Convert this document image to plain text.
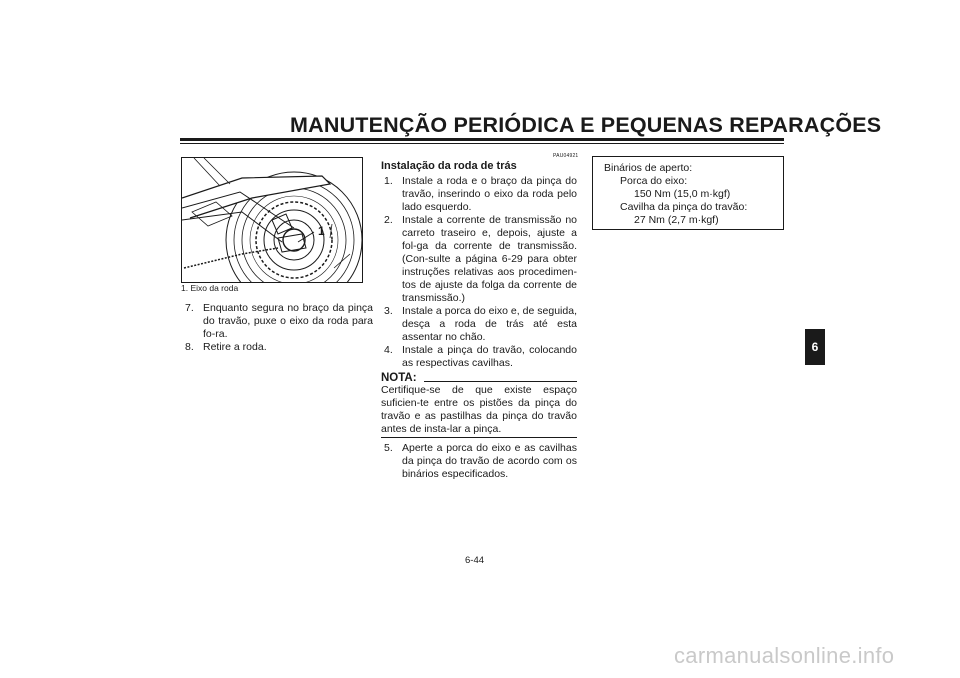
MANUTENÇÃO PERIÓDICA E PEQUENAS REPARAÇÕES
1
1. Eixo da roda
7. Enquanto segura no braço da pinça do travão, puxe o eixo da roda para fo-ra.
8. Retire a roda.
PAU04921
Instalação da roda de trás
1. Instale a roda e o braço da pinça do travão, inserindo o eixo da roda pelo lado esquerdo.
2. Instale a corrente de transmissão no carreto traseiro e, depois, ajuste a fol-ga da corrente de transmissão. (Con-sulte a página 6-29 para obter instruções relativas aos procedimen-tos de ajuste da folga da corrente de transmissão.)
3. Instale a porca do eixo e, de seguida, desça a roda de trás até esta assentar no chão.
4. Instale a pinça do travão, colocando as respectivas cavilhas.
NOTA:

Certifique-se de que existe espaço suficien-te entre os pistões da pinça do travão e as pastilhas da pinça do travão antes de insta-lar a pinça.

5. Aperte a porca do eixo e as cavilhas da pinça do travão de acordo com os binários especificados.
Binários de aperto:
Porca do eixo:
150 Nm (15,0 m·kgf)
Cavilha da pinça do travão:
27 Nm (2,7 m·kgf)
6
6-44
carmanualsonline.info
